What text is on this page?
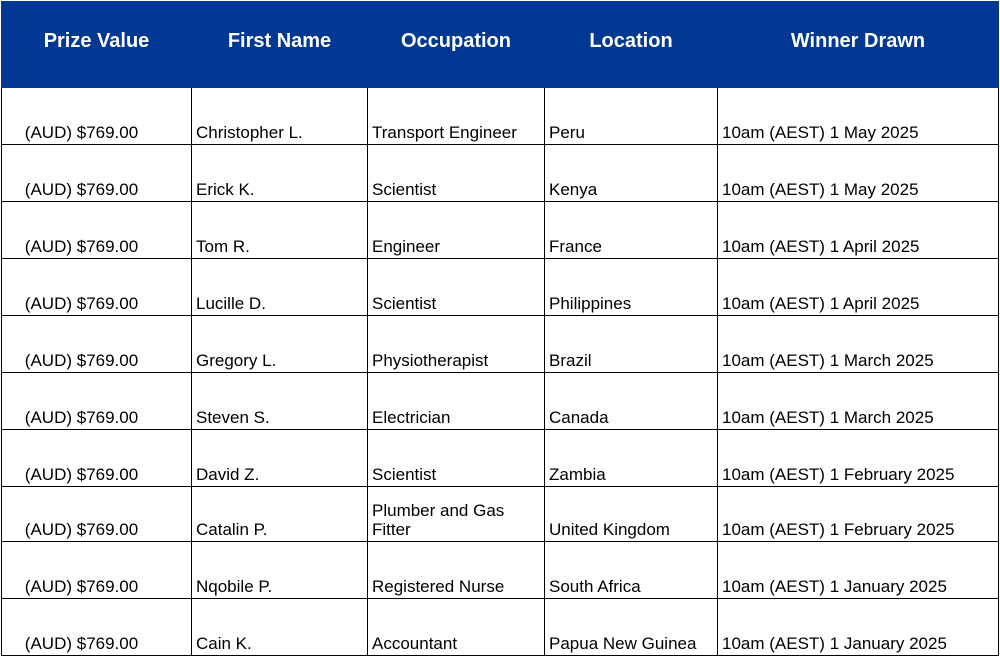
Prize Value	First Name	Occupation	Location	Winner Drawn
(AUD) $769.00	Christopher L.	Transport Engineer	Peru	10am (AEST) 1 May 2025
(AUD) $769.00	Erick K.	Scientist	Kenya	10am (AEST) 1 May 2025
(AUD) $769.00	Tom R.	Engineer	France	10am (AEST) 1 April 2025
(AUD) $769.00	Lucille D.	Scientist	Philippines	10am (AEST) 1 April 2025
(AUD) $769.00	Gregory L.	Physiotherapist	Brazil	10am (AEST) 1 March 2025
(AUD) $769.00	Steven S.	Electrician	Canada	10am (AEST) 1 March 2025
(AUD) $769.00	David Z.	Scientist	Zambia	10am (AEST) 1 February 2025
(AUD) $769.00	Catalin P.	Plumber and Gas Fitter	United Kingdom	10am (AEST) 1 February 2025
(AUD) $769.00	Nqobile P.	Registered Nurse	South Africa	10am (AEST) 1 January 2025
(AUD) $769.00	Cain K.	Accountant	Papua New Guinea	10am (AEST) 1 January 2025
